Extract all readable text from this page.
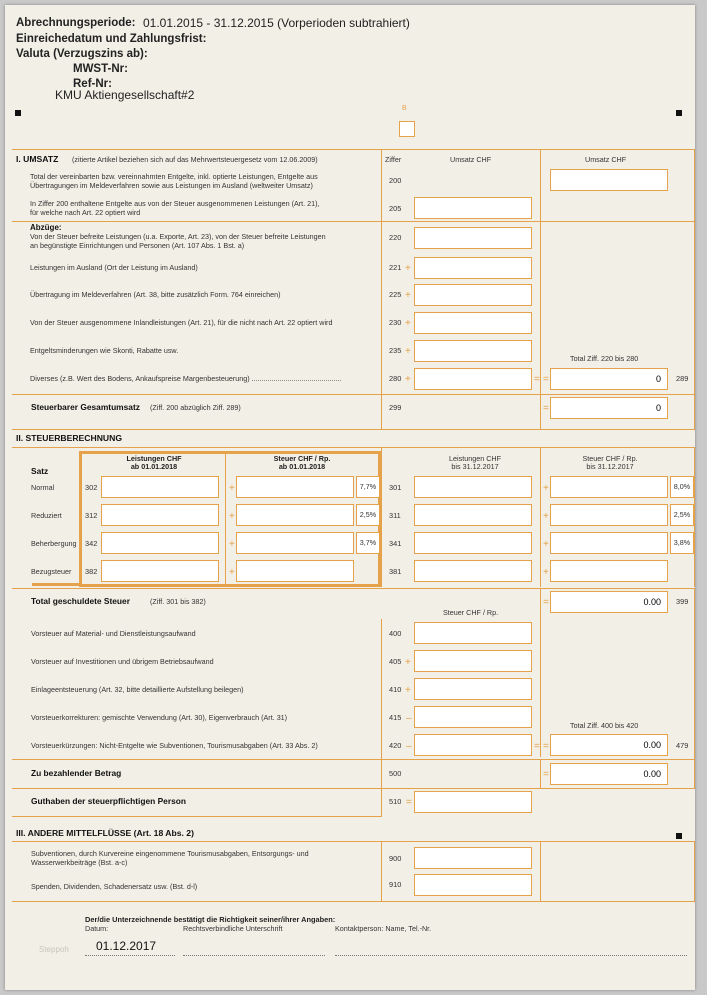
Abrechnungsperiode: 01.01.2015 - 31.12.2015 (Vorperioden subtrahiert)
Einreichedatum und Zahlungsfrist:
Valuta (Verzugszins ab):
MWST-Nr:
Ref-Nr:
KMU Aktiengesellschaft#2
B
I. UMSATZ (zitierte Artikel beziehen sich auf das Mehrwertsteuergesetz vom 12.06.2009)	Ziffer	Umsatz CHF	Umsatz CHF
Total der vereinbarten bzw. vereinnahmten Entgelte, inkl. optierte Leistungen, Entgelte aus
Übertragungen im Meldeverfahren sowie aus Leistungen im Ausland (weltweiter Umsatz)
200
In Ziffer 200 enthaltene Entgelte aus von der Steuer ausgenommenen Leistungen (Art. 21),
für welche nach Art. 22 optiert wird	205
Abzüge:
Von der Steuer befreite Leistungen (u.a. Exporte, Art. 23), von der Steuer befreite Leistungen
an begünstigte Einrichtungen und Personen (Art. 107 Abs. 1 Bst. a)
220
Leistungen im Ausland (Ort der Leistung im Ausland)	221 +
Übertragung im Meldeverfahren (Art. 38, bitte zusätzlich Form. 764 einreichen)	225 +
Von der Steuer ausgenommene Inlandleistungen (Art. 21), für die nicht nach Art. 22 optiert wird	230 +
Entgeltsminderungen wie Skonti, Rabatte usw.	235 +
Total Ziff. 220 bis 280
Diverses (z.B. Wert des Bodens, Ankaufspreise Margenbesteuerung) .............................................	280 +	= =	0	289
Steuerbarer Gesamtumsatz (Ziff. 200 abzüglich Ziff. 289)	299	=	0
II. STEUERBERECHNUNG
Satz
Leistungen CHF
ab 01.01.2018
Steuer CHF / Rp.
ab 01.01.2018
Leistungen CHF
bis 31.12.2017
Steuer CHF / Rp.
bis 31.12.2017
Normal	302	+	7,7%	301	+	8,0%
Reduziert	312	+	2,5%	311	+	2,5%
Beherbergung 342	+	3,7%	341	+	3,8%
Bezugsteuer 382	+	381	+
Total geschuldete Steuer	(Ziff. 301 bis 382)	=	0.00	399
Steuer CHF / Rp.
Vorsteuer auf Material- und Dienstleistungsaufwand	400
Vorsteuer auf Investitionen und übrigem Betriebsaufwand	405 +
Einlageentsteuerung (Art. 32, bitte detaillierte Aufstellung beilegen)	410 +
Vorsteuerkorrekturen: gemischte Verwendung (Art. 30), Eigenverbrauch (Art. 31)	415 –
Total Ziff. 400 bis 420
Vorsteuerkürzungen: Nicht-Entgelte wie Subventionen, Tourismusabgaben (Art. 33 Abs. 2)	420 –	= =	0.00	479
Zu bezahlender Betrag	500	=	0.00
Guthaben der steuerpflichtigen Person	510 =
III. ANDERE MITTELFLÜSSE (Art. 18 Abs. 2)
Subventionen, durch Kurvereine eingenommene Tourismusabgaben, Entsorgungs- und
Wasserwerkbeiträge (Bst. a-c)	900
Spenden, Dividenden, Schadenersatz usw. (Bst. d-l)	910
Der/die Unterzeichnende bestätigt die Richtigkeit seiner/ihrer Angaben:
Datum:	Rechtsverbindliche Unterschrift	Kontaktperson: Name, Tel.-Nr.
Steppoh 01.12.2017
